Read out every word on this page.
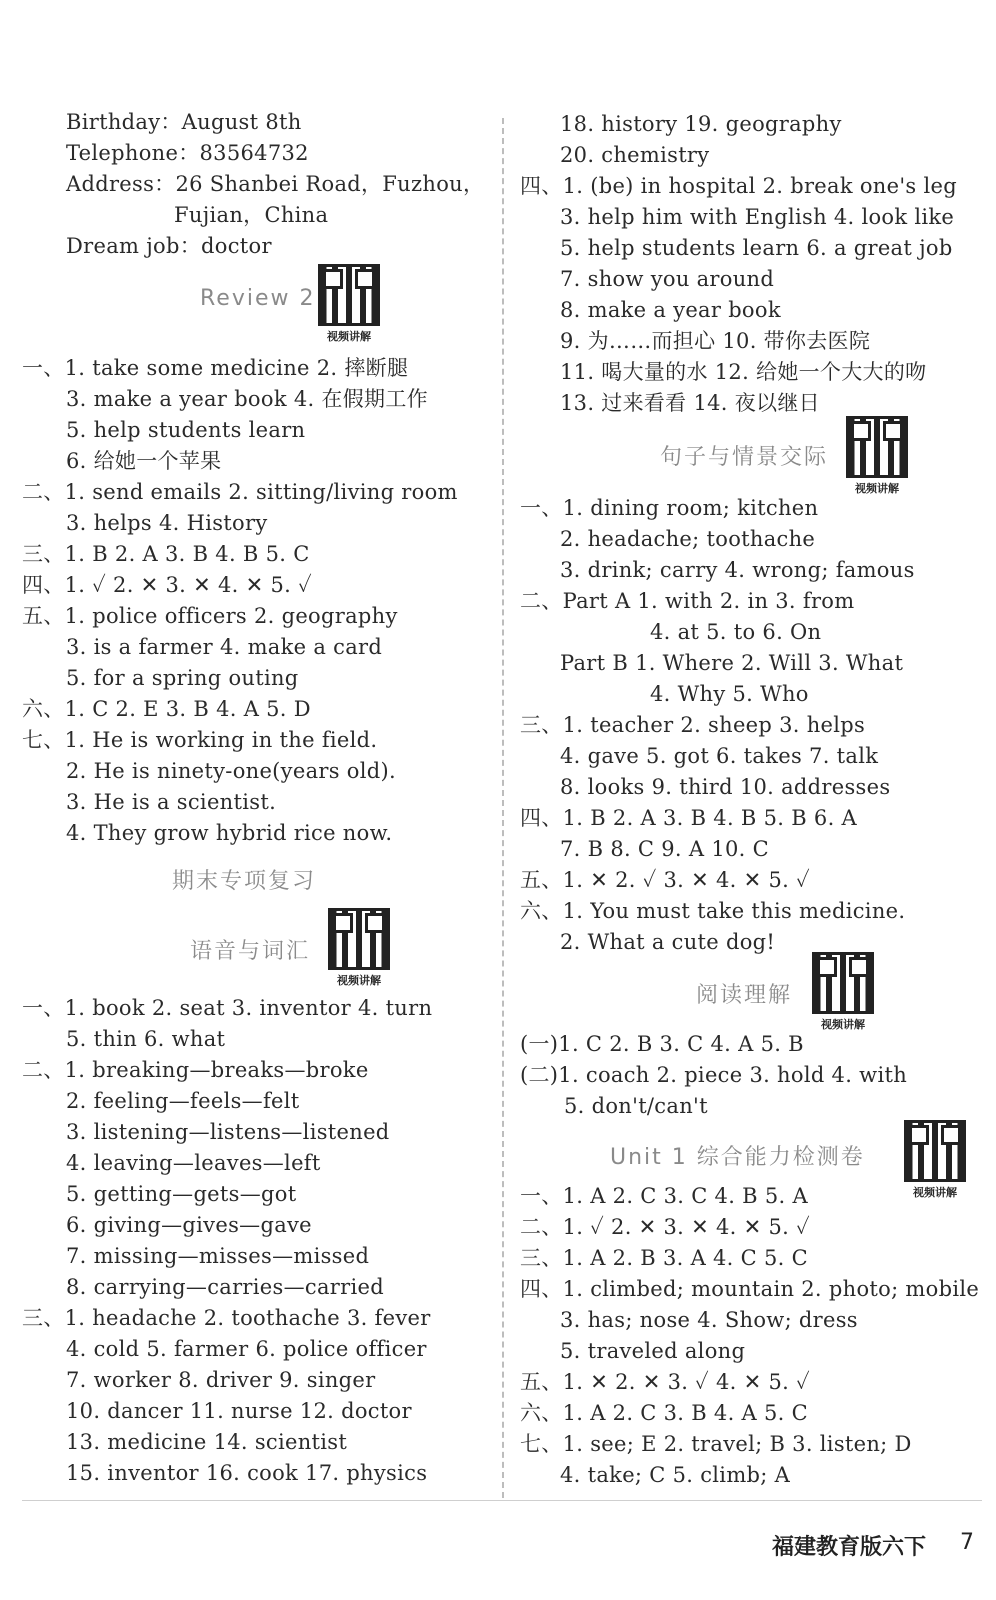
Birthday：August 8th
Telephone：83564732
Address：26 Shanbei Road，Fuzhou，
Fujian，China
Dream job：doctor
Review 2
视频讲解
一、1. take some medicine 2. 摔断腿
3. make a year book 4. 在假期工作
5. help students learn
6. 给她一个苹果
二、1. send emails 2. sitting/living room
3. helps 4. History
三、1. B 2. A 3. B 4. B 5. C
四、1. ✓ 2. ✕ 3. ✕ 4. ✕ 5. ✓
五、1. police officers 2. geography
3. is a farmer 4. make a card
5. for a spring outing
六、1. C 2. E 3. B 4. A 5. D
七、1. He is working in the field.
2. He is ninety-one(years old).
3. He is a scientist.
4. They grow hybrid rice now.
期末专项复习
语音与词汇
视频讲解
一、1. book 2. seat 3. inventor 4. turn
5. thin 6. what
二、1. breaking—breaks—broke
2. feeling—feels—felt
3. listening—listens—listened
4. leaving—leaves—left
5. getting—gets—got
6. giving—gives—gave
7. missing—misses—missed
8. carrying—carries—carried
三、1. headache 2. toothache 3. fever
4. cold 5. farmer 6. police officer
7. worker 8. driver 9. singer
10. dancer 11. nurse 12. doctor
13. medicine 14. scientist
15. inventor 16. cook 17. physics
18. history 19. geography
20. chemistry
四、1. (be) in hospital 2. break one's leg
3. help him with English 4. look like
5. help students learn 6. a great job
7. show you around
8. make a year book
9. 为……而担心 10. 带你去医院
11. 喝大量的水 12. 给她一个大大的吻
13. 过来看看 14. 夜以继日
句子与情景交际
视频讲解
一、1. dining room; kitchen
2. headache; toothache
3. drink; carry 4. wrong; famous
二、Part A 1. with 2. in 3. from
4. at 5. to 6. On
Part B 1. Where 2. Will 3. What
4. Why 5. Who
三、1. teacher 2. sheep 3. helps
4. gave 5. got 6. takes 7. talk
8. looks 9. third 10. addresses
四、1. B 2. A 3. B 4. B 5. B 6. A
7. B 8. C 9. A 10. C
五、1. ✕ 2. ✓ 3. ✕ 4. ✕ 5. ✓
六、1. You must take this medicine.
2. What a cute dog!
阅读理解
视频讲解
(一)1. C 2. B 3. C 4. A 5. B
(二)1. coach 2. piece 3. hold 4. with
5. don't/can't
Unit 1 综合能力检测卷
视频讲解
一、1. A 2. C 3. C 4. B 5. A
二、1. ✓ 2. ✕ 3. ✕ 4. ✕ 5. ✓
三、1. A 2. B 3. A 4. C 5. C
四、1. climbed; mountain 2. photo; mobile
3. has; nose 4. Show; dress
5. traveled along
五、1. ✕ 2. ✕ 3. ✓ 4. ✕ 5. ✓
六、1. A 2. C 3. B 4. A 5. C
七、1. see; E 2. travel; B 3. listen; D
4. take; C 5. climb; A
福建教育版六下 7
